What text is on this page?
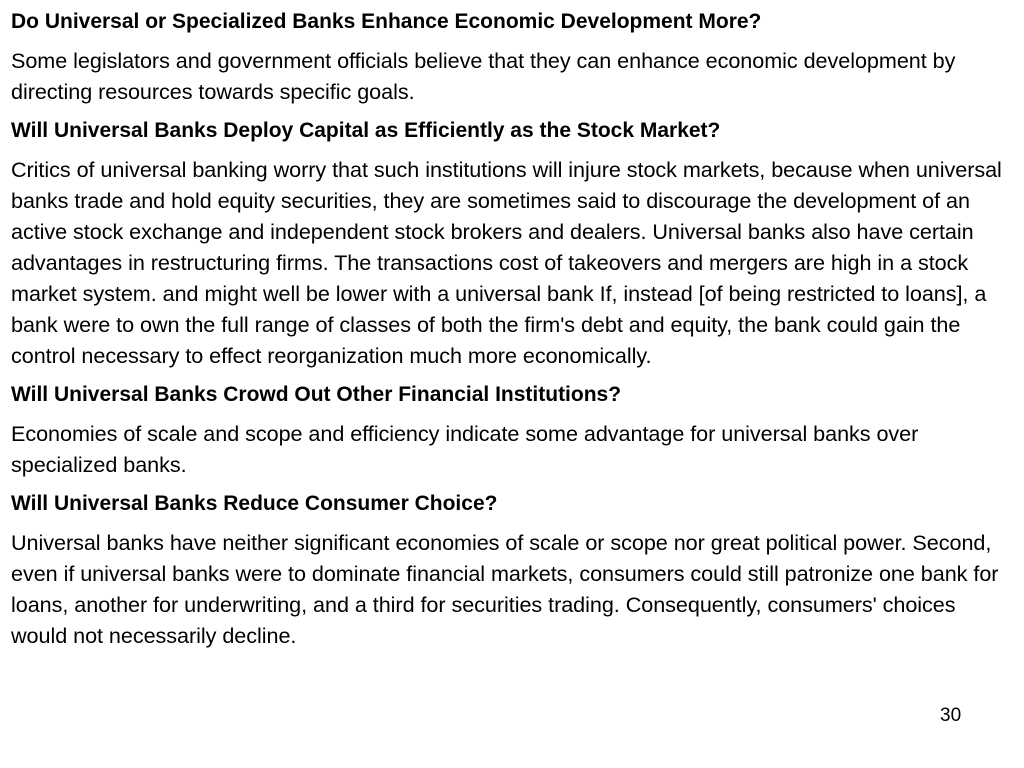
Do Universal or Specialized Banks Enhance Economic Development More?
Some legislators and government officials believe that they can enhance economic development by directing resources towards specific goals.
Will Universal Banks Deploy Capital as Efficiently as the Stock Market?
Critics of universal banking worry that such institutions will injure stock markets, because when universal banks trade and hold equity securities, they are sometimes said to discourage the development of an active stock exchange and independent stock brokers and dealers. Universal banks also have certain advantages in restructuring firms. The transactions cost of takeovers and mergers are high in a stock market system. and might well be lower with a universal bank If, instead [of being restricted to loans], a bank were to own the full range of classes of both the firm's debt and equity, the bank could gain the control necessary to effect reorganization much more economically.
Will Universal Banks Crowd Out Other Financial Institutions?
Economies of scale and scope and efficiency indicate some advantage for universal banks over specialized banks.
Will Universal Banks Reduce Consumer Choice?
Universal banks have neither significant economies of scale or scope nor great political power. Second, even if universal banks were to dominate financial markets, consumers could still patronize one bank for loans, another for underwriting, and a third for securities trading. Consequently, consumers' choices would not necessarily decline.
30
